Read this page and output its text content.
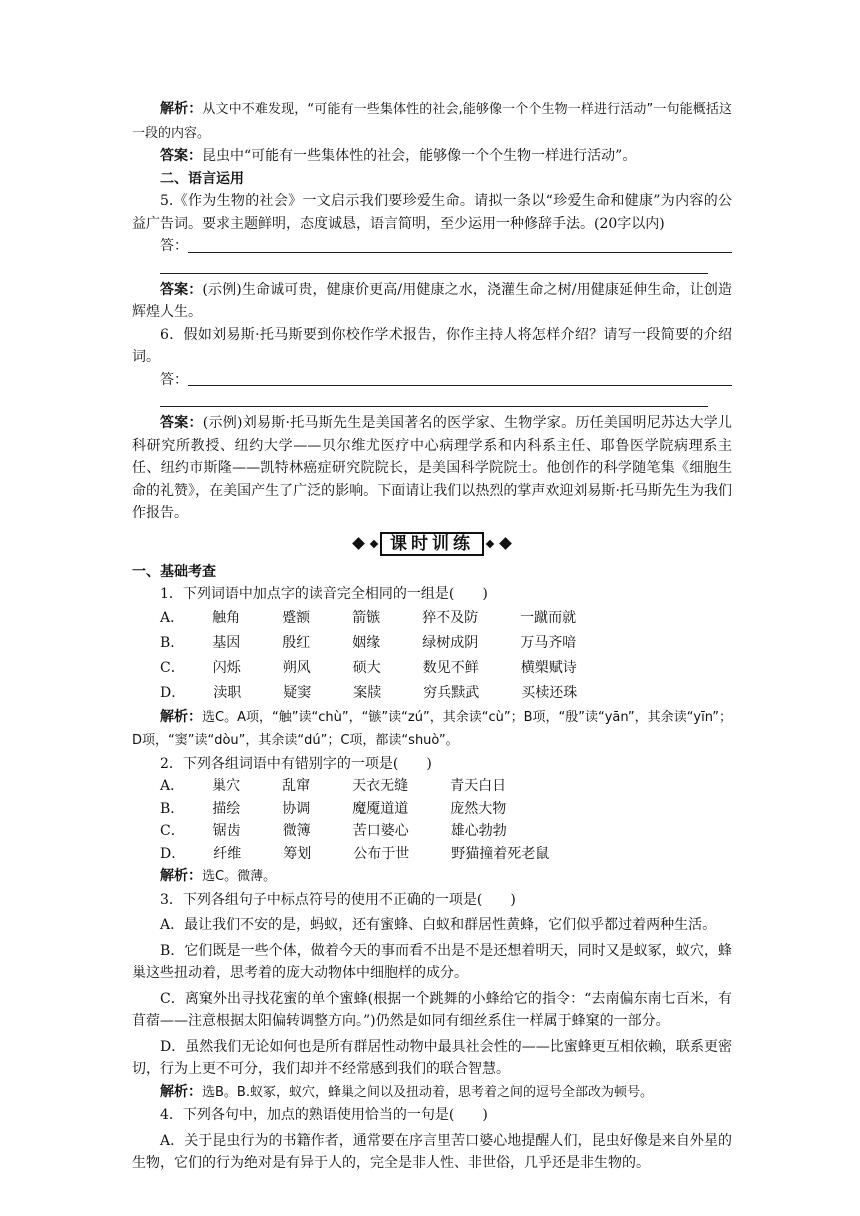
解析：从文中不难发现，“可能有一些集体性的社会,能够像一个个生物一样进行活动”一句能概括这一段的内容。

答案：昆虫中“可能有一些集体性的社会，能够像一个个生物一样进行活动”。

二、语言运用

5.《作为生物的社会》一文启示我们要珍爱生命。请拟一条以“珍爱生命和健康”为内容的公益广告词。要求主题鲜明，态度诚恳，语言简明，至少运用一种修辞手法。(20字以内)

答：

答案：(示例)生命诚可贵，健康价更高/用健康之水，浇灌生命之树/用健康延伸生命，让创造辉煌人生。

6．假如刘易斯·托马斯要到你校作学术报告，你作主持人将怎样介绍？请写一段简要的介绍词。

答：

答案：(示例)刘易斯·托马斯先生是美国著名的医学家、生物学家。历任美国明尼苏达大学儿科研究所教授、纽约大学——贝尔维尤医疗中心病理学系和内科系主任、耶鲁医学院病理系主任、纽约市斯隆——凯特林癌症研究院院长，是美国科学院院士。他创作的科学随笔集《细胞生命的礼赞》，在美国产生了广泛的影响。下面请让我们以热烈的掌声欢迎刘易斯·托马斯先生为我们作报告。

课时训练

一、基础考查

1．下列词语中加点字的读音完全相同的一组是(　　)

A． 触角	蹙额	箭镞	猝不及防	一蹴而就

B． 基因	殷红	姻缘	绿树成阴	万马齐喑

C． 闪烁	朔风	硕大	数见不鲜	横槊赋诗

D． 渎职	疑窦	案牍	穷兵黩武	买椟还珠

解析：选C。A项，“触”读“chù”，“镞”读“zú”，其余读“cù”；B项，“殷”读“yān”，其余读“yīn”；D项，“窦”读“dòu”，其余读“dú”；C项，都读“shuò”。

2．下列各组词语中有错别字的一项是(　　)

A． 巢穴	乱窜	天衣无缝	青天白日

B． 描绘	协调	魔魇道道	庞然大物

C． 锯齿	微簿	苦口婆心	雄心勃勃

D． 纤维	筹划	公布于世	野猫撞着死老鼠

解析：选C。微薄。

3．下列各组句子中标点符号的使用不正确的一项是(　　)

A．最让我们不安的是，蚂蚁，还有蜜蜂、白蚁和群居性黄蜂，它们似乎都过着两种生活。

B．它们既是一些个体，做着今天的事而看不出是不是还想着明天，同时又是蚁冢，蚁穴，蜂巢这些扭动着，思考着的庞大动物体中细胞样的成分。

C．离窠外出寻找花蜜的单个蜜蜂(根据一个跳舞的小蜂给它的指令：“去南偏东南七百米，有苜蓿——注意根据太阳偏转调整方向。”)仍然是如同有细丝系住一样属于蜂窠的一部分。

D．虽然我们无论如何也是所有群居性动物中最具社会性的——比蜜蜂更互相依赖，联系更密切，行为上更不可分，我们却并不经常感到我们的联合智慧。

解析：选B。B.蚁冢，蚁穴，蜂巢之间以及扭动着，思考着之间的逗号全部改为顿号。

4．下列各句中，加点的熟语使用恰当的一句是(　　)

A．关于昆虫行为的书籍作者，通常要在序言里苦口婆心地提醒人们，昆虫好像是来自外星的生物，它们的行为绝对是有异于人的，完全是非人性、非世俗，几乎还是非生物的。
